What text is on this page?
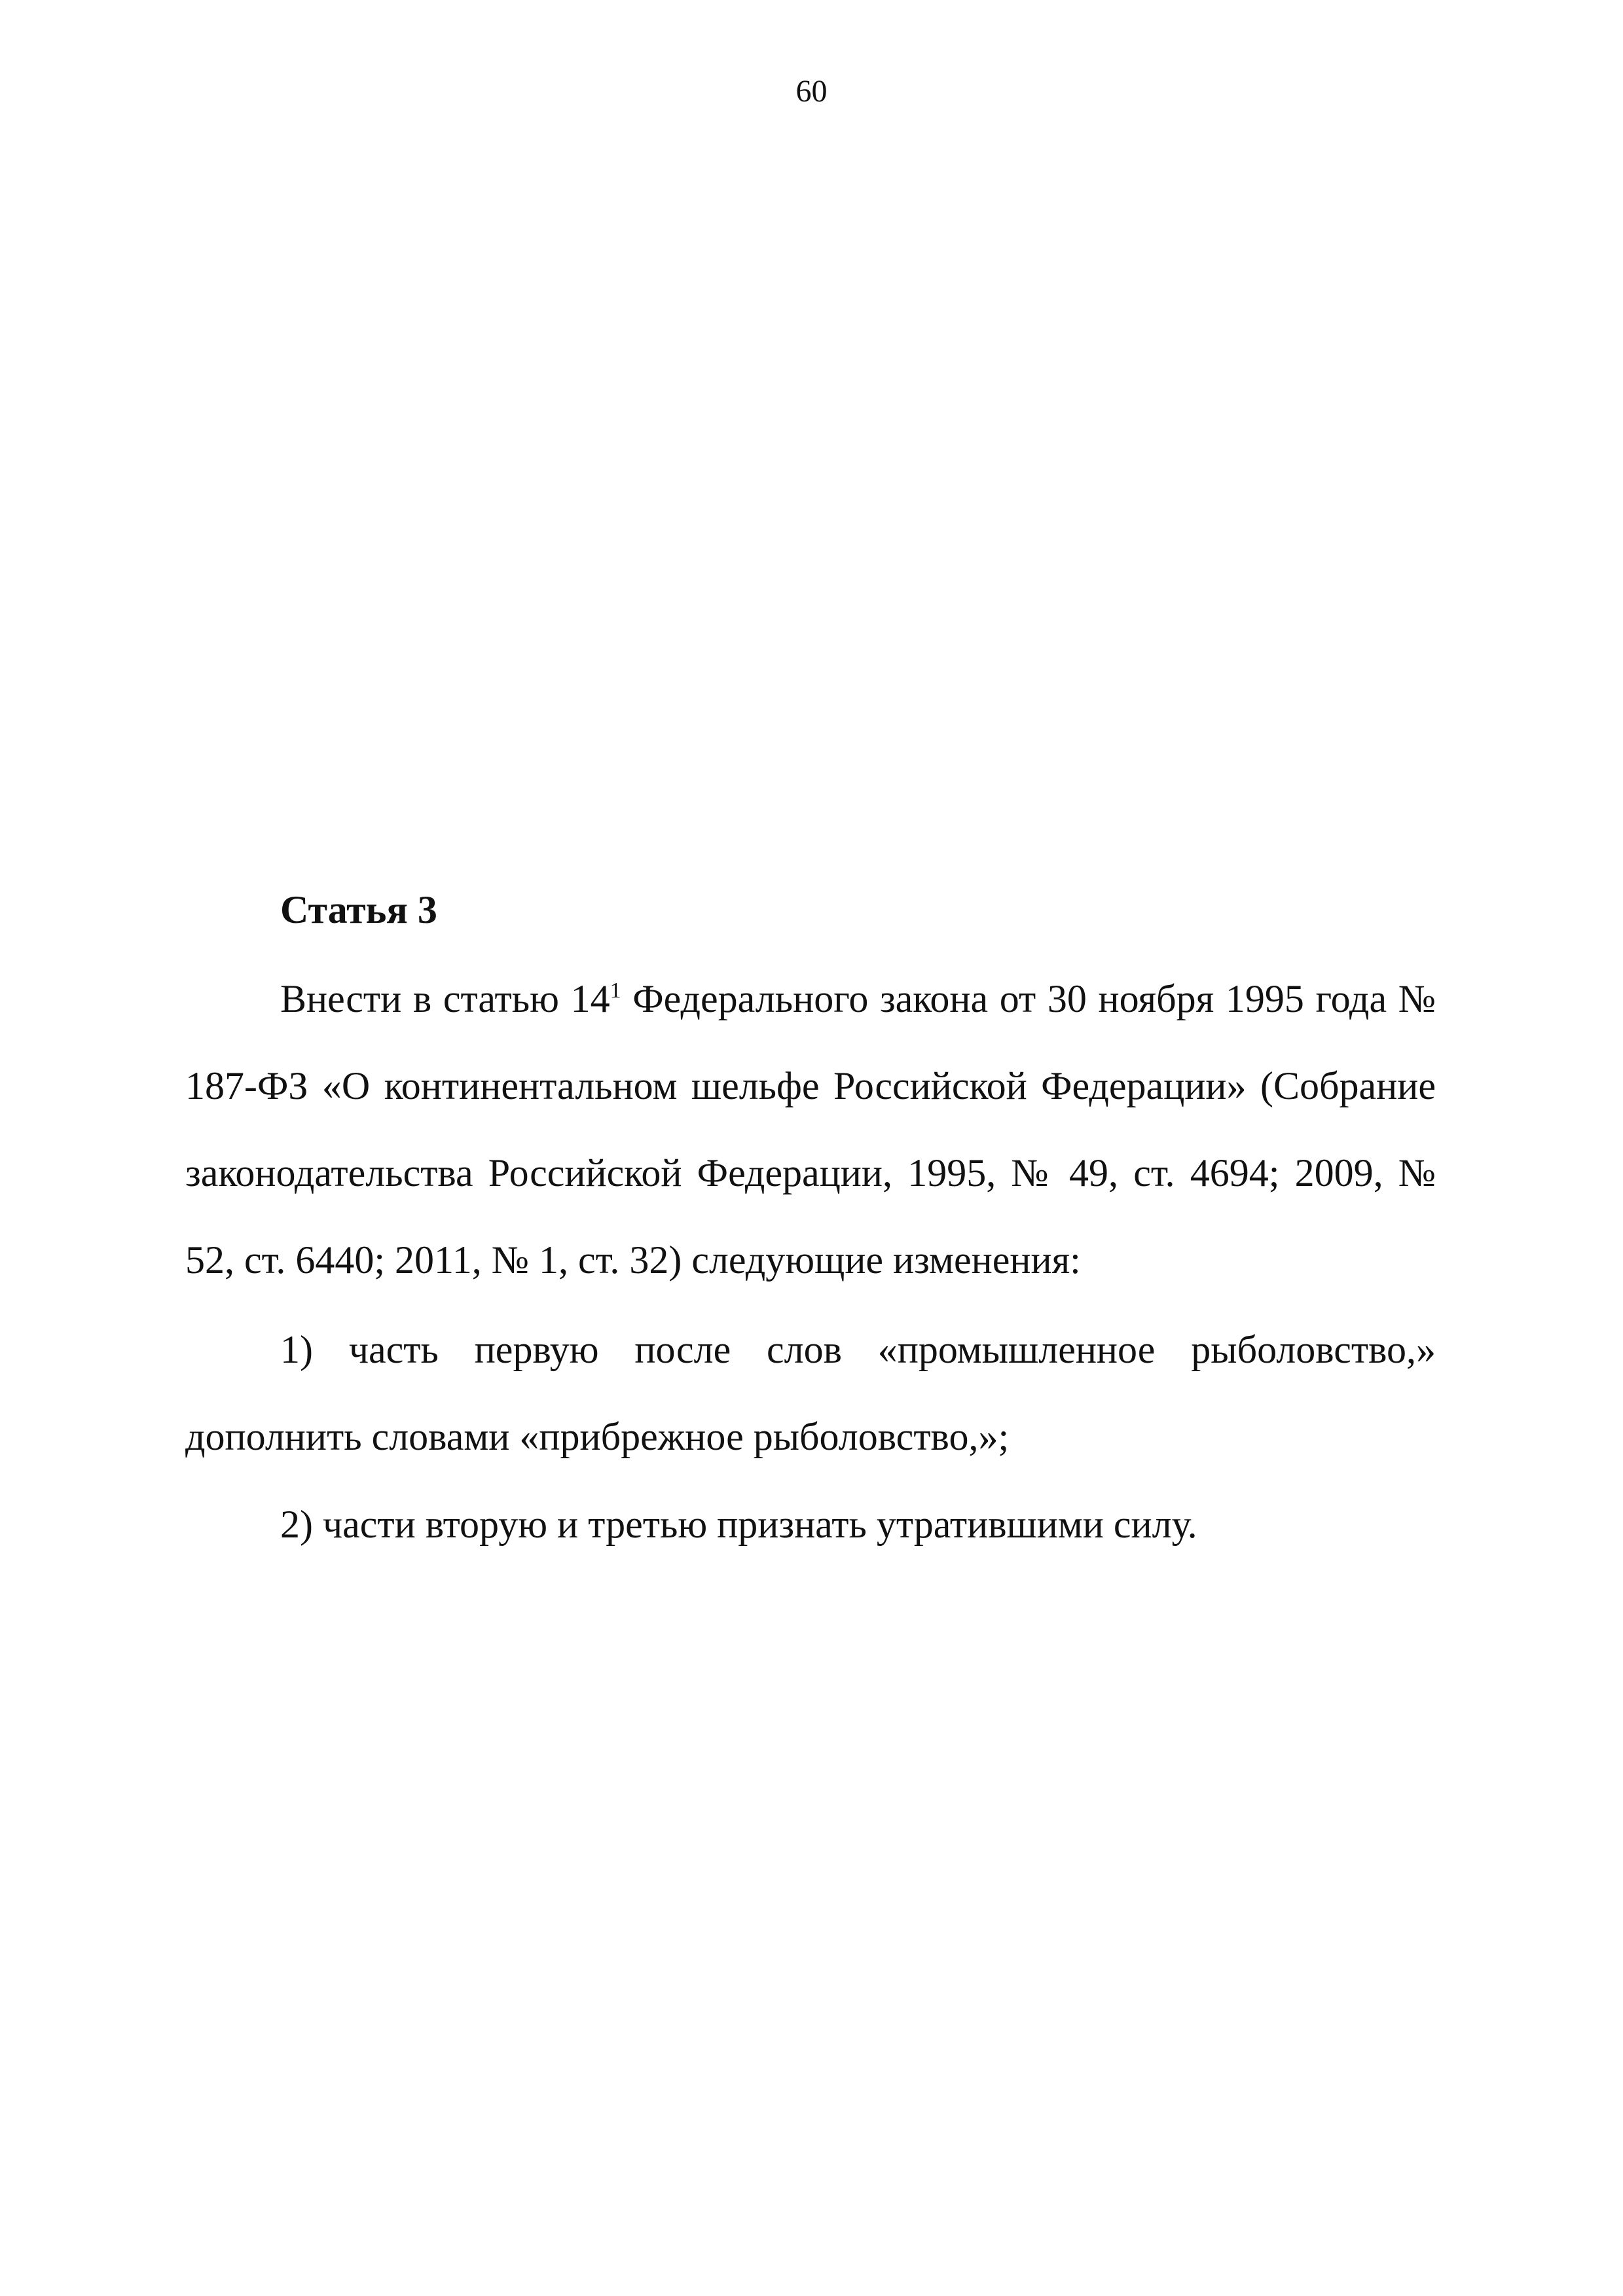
60
Статья 3

Внести в статью $14^1$ Федерального закона от 30 ноября 1995 года № 187-ФЗ «О континентальном шельфе Российской Федерации» (Собрание законодательства Российской Федерации, 1995, № 49, ст. 4694; 2009, № 52, ст. 6440; 2011, № 1, ст. 32) следующие изменения:

1) часть первую после слов «промышленное рыболовство,» дополнить словами «прибрежное рыболовство,»;

2) части вторую и третью признать утратившими силу.
